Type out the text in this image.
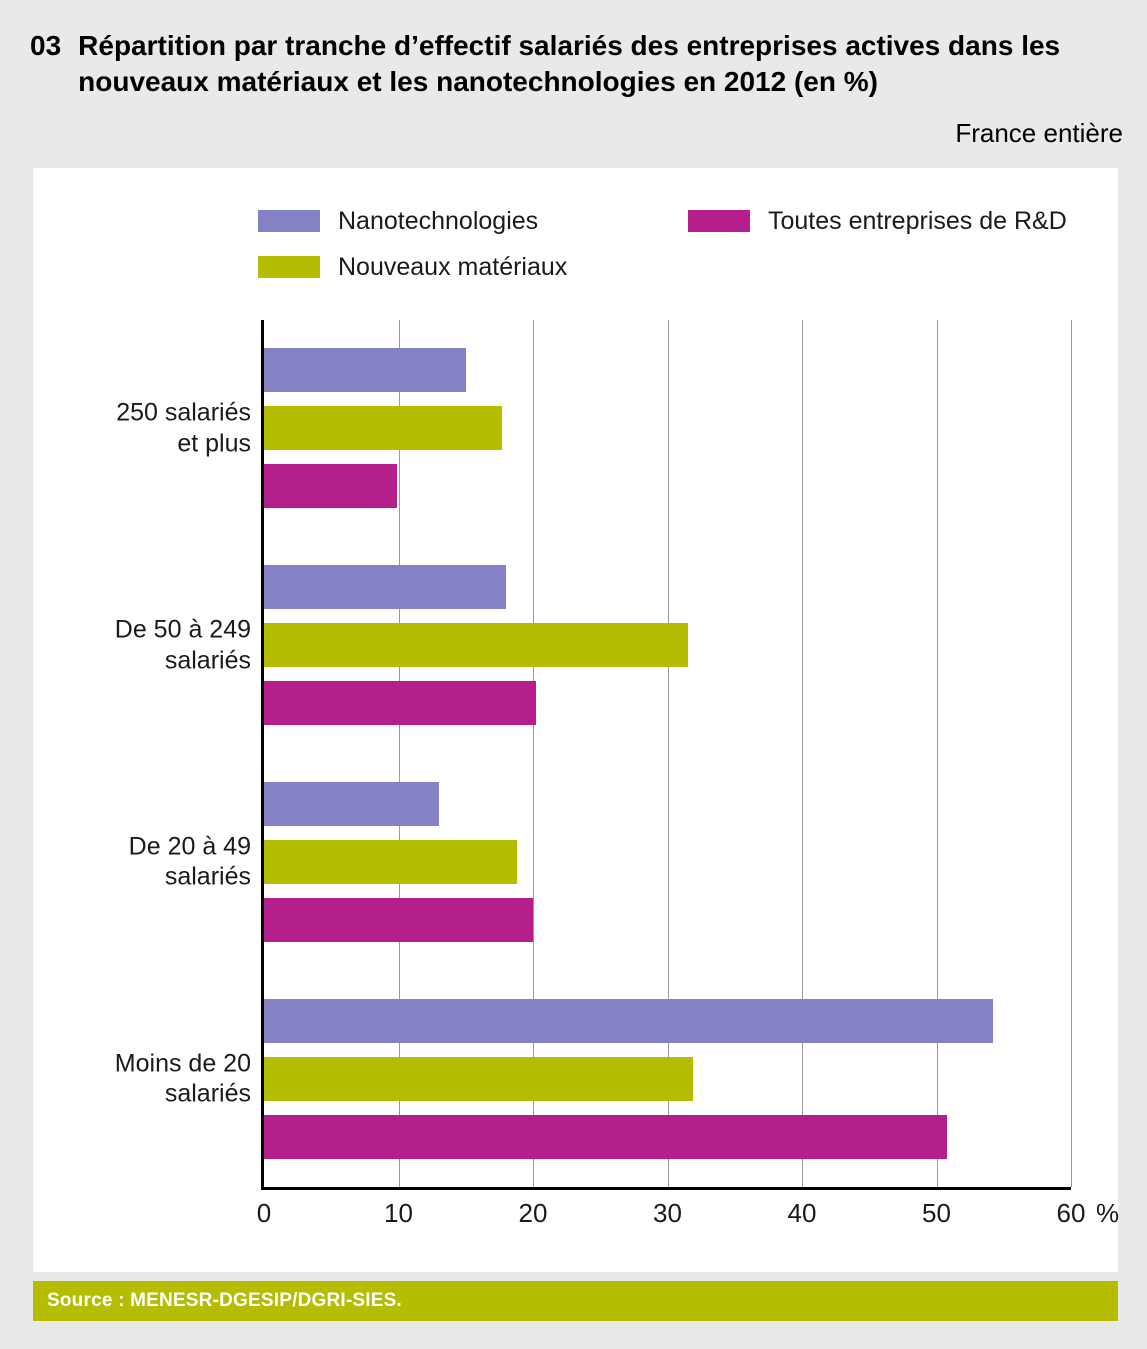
03 Répartition par tranche d’effectif salariés des entreprises actives dans les nouveaux matériaux et les nanotechnologies en 2012 (en %)
France entière
Nanotechnologies	Toutes entreprises de R&D
Nouveaux matériaux
250 salariés
et plus
De 50 à 249
salariés
De 20 à 49
salariés
Moins de 20
salariés
0	10	20	30	40	50	60 %
Source : MENESR-DGESIP/DGRI-SIES.
